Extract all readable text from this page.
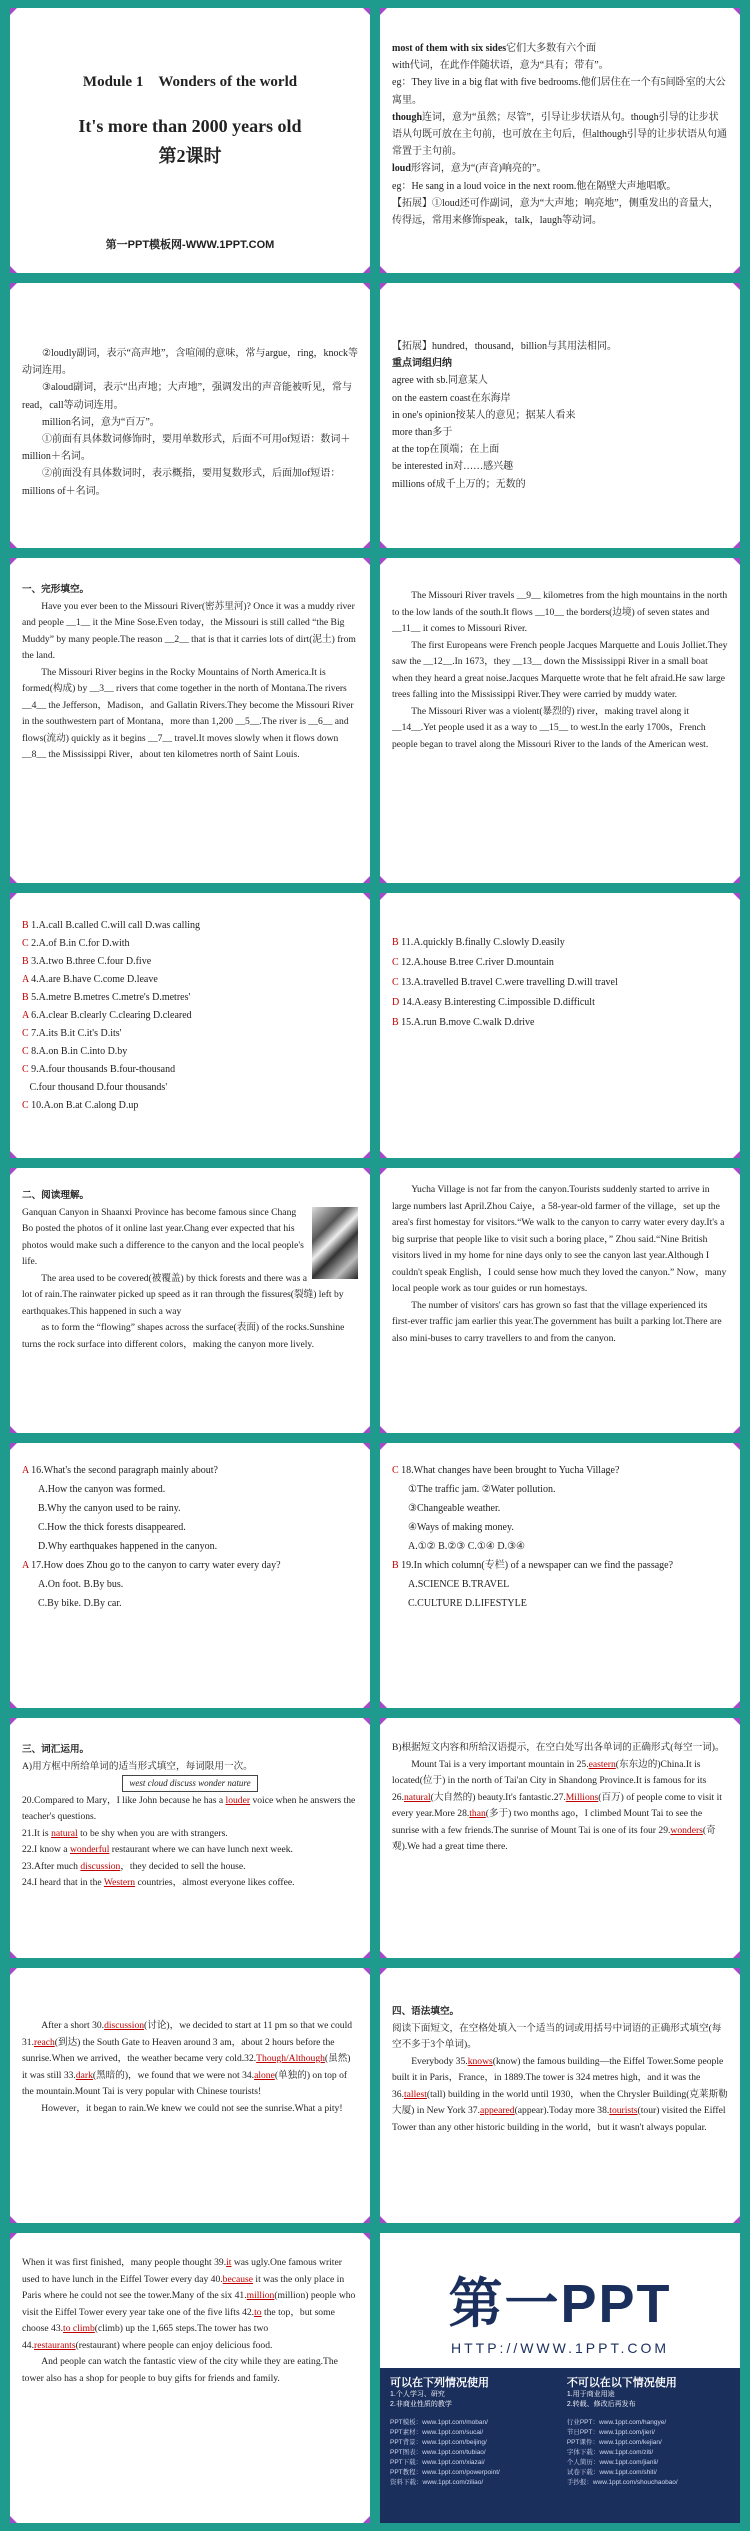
Module 1　Wonders of the world
It's more than 2000 years old
第2课时
第一PPT模板网-WWW.1PPT.COM

most of them with six sides它们大多数有六个面

with代词，在此作伴随状语，意为“具有；带有”。

eg：They live in a big flat with five bedrooms.他们居住在一个有5间卧室的大公寓里。

though连词，意为“虽然；尽管”，引导让步状语从句。though引导的让步状语从句既可放在主句前，也可放在主句后，但although引导的让步状语从句通常置于主句前。

loud形容词，意为“(声音)响亮的”。

eg：He sang in a loud voice in the next room.他在隔壁大声地唱歌。

【拓展】①loud还可作副词，意为“大声地；响亮地”，侧重发出的音量大，传得远，常用来修饰speak，talk，laugh等动词。

②loudly副词，表示“高声地”，含喧闹的意味，常与argue，ring，knock等动词连用。

③aloud副词，表示“出声地；大声地”，强调发出的声音能被听见，常与read，call等动词连用。

million名词，意为“百万”。

①前面有具体数词修饰时，要用单数形式，后面不可用of短语：数词＋million＋名词。

②前面没有具体数词时，表示概指，要用复数形式，后面加of短语：millions of＋名词。

【拓展】hundred，thousand，billion与其用法相同。

重点词组归纳

agree with sb.同意某人

on the eastern coast在东海岸

in one's opinion按某人的意见；据某人看来

more than多于

at the top在顶端；在上面

be interested in对……感兴趣

millions of成千上万的；无数的

一、完形填空。

Have you ever been to the Missouri River(密苏里河)? Once it was a muddy river and people __1__ it the Mine Sose.Even today，the Missouri is still called “the Big Muddy” by many people.The reason __2__ that is that it carries lots of dirt(泥土) from the land.

The Missouri River begins in the Rocky Mountains of North America.It is formed(构成) by __3__ rivers that come together in the north of Montana.The rivers __4__ the Jefferson，Madison，and Gallatin Rivers.They become the Missouri River in the southwestern part of Montana，more than 1,200 __5__.The river is __6__ and flows(流动) quickly as it begins __7__ travel.It moves slowly when it flows down __8__ the Mississippi River，about ten kilometres north of Saint Louis.

The Missouri River travels __9__ kilometres from the high mountains in the north to the low lands of the south.It flows __10__ the borders(边境) of seven states and __11__ it comes to Missouri River.

The first Europeans were French people Jacques Marquette and Louis Jolliet.They saw the __12__.In 1673，they __13__ down the Mississippi River in a small boat when they heard a great noise.Jacques Marquette wrote that he felt afraid.He saw large trees falling into the Mississippi River.They were carried by muddy water.

The Missouri River was a violent(暴烈的) river，making travel along it __14__.Yet people used it as a way to __15__ to west.In the early 1700s，French people began to travel along the Missouri River to the lands of the American west.

B 1.A.call B.called C.will call D.was calling

C 2.A.of B.in C.for D.with

B 3.A.two B.three C.four D.five

A 4.A.are B.have C.come D.leave

B 5.A.metre B.metres C.metre's D.metres'

A 6.A.clear B.clearly C.clearing D.cleared

C 7.A.its B.it C.it's D.its'

C 8.A.on B.in C.into D.by

C 9.A.four thousands B.four-thousand

C.four thousand D.four thousands'

C 10.A.on B.at C.along D.up

B 11.A.quickly B.finally C.slowly D.easily

C 12.A.house B.tree C.river D.mountain

C 13.A.travelled B.travel C.were travelling D.will travel

D 14.A.easy B.interesting C.impossible D.difficult

B 15.A.run B.move C.walk D.drive

二、阅读理解。

Ganquan Canyon in Shaanxi Province has become famous since Chang Bo posted the photos of it online last year.Chang ever expected that his photos would make such a difference to the canyon and the local people's life.

The area used to be covered(被覆盖) by thick forests and there was a lot of rain.The rainwater picked up speed as it ran through the fissures(裂缝) left by earthquakes.This happened in such a way

as to form the “flowing” shapes across the surface(表面) of the rocks.Sunshine turns the rock surface into different colors，making the canyon more lively.

Yucha Village is not far from the canyon.Tourists suddenly started to arrive in large numbers last April.Zhou Caiye，a 58-year-old farmer of the village，set up the area's first homestay for visitors.“We walk to the canyon to carry water every day.It's a big surprise that people like to visit such a boring place，” Zhou said.“Nine British visitors lived in my home for nine days only to see the canyon last year.Although I couldn't speak English，I could sense how much they loved the canyon.” Now，many local people work as tour guides or run homestays.

The number of visitors' cars has grown so fast that the village experienced its first-ever traffic jam earlier this year.The government has built a parking lot.There are also mini-buses to carry travellers to and from the canyon.

A 16.What's the second paragraph mainly about?

A.How the canyon was formed.

B.Why the canyon used to be rainy.

C.How the thick forests disappeared.

D.Why earthquakes happened in the canyon.

A 17.How does Zhou go to the canyon to carry water every day?

A.On foot. B.By bus.

C.By bike. D.By car.

C 18.What changes have been brought to Yucha Village?

①The traffic jam. ②Water pollution.

③Changeable weather.

④Ways of making money.

A.①② B.②③ C.①④ D.③④

B 19.In which column(专栏) of a newspaper can we find the passage?

A.SCIENCE B.TRAVEL

C.CULTURE D.LIFESTYLE

三、词汇运用。

A)用方框中所给单词的适当形式填空，每词限用一次。

west cloud discuss wonder nature

20.Compared to Mary，I like John because he has a louder voice when he answers the teacher's questions.

21.It is natural to be shy when you are with strangers.

22.I know a wonderful restaurant where we can have lunch next week.

23.After much discussion，they decided to sell the house.

24.I heard that in the Western countries，almost everyone likes coffee.

B)根据短文内容和所给汉语提示，在空白处写出各单词的正确形式(每空一词)。

Mount Tai is a very important mountain in 25.eastern(东东边的)China.It is located(位于) in the north of Tai'an City in Shandong Province.It is famous for its 26.natural(大自然的) beauty.It's fantastic.27.Millions(百万) of people come to visit it every year.More 28.than(多于) two months ago，I climbed Mount Tai to see the sunrise with a few friends.The sunrise of Mount Tai is one of its four 29.wonders(奇观).We had a great time there.

After a short 30.discussion(讨论)，we decided to start at 11 pm so that we could 31.reach(到达) the South Gate to Heaven around 3 am，about 2 hours before the sunrise.When we arrived，the weather became very cold.32.Though/Although(虽然) it was still 33.dark(黑暗的)，we found that we were not 34.alone(单独的) on top of the mountain.Mount Tai is very popular with Chinese tourists!

However，it began to rain.We knew we could not see the sunrise.What a pity!

四、语法填空。

阅读下面短文，在空格处填入一个适当的词或用括号中词语的正确形式填空(每空不多于3个单词)。

Everybody 35.knows(know) the famous building—the Eiffel Tower.Some people built it in Paris，France，in 1889.The tower is 324 metres high，and it was the 36.tallest(tall) building in the world until 1930，when the Chrysler Building(克莱斯勒大厦) in New York 37.appeared(appear).Today more 38.tourists(tour) visited the Eiffel Tower than any other historic building in the world，but it wasn't always popular.

When it was first finished，many people thought 39.it was ugly.One famous writer used to have lunch in the Eiffel Tower every day 40.because it was the only place in Paris where he could not see the tower.Many of the six 41.million(million) people who visit the Eiffel Tower every year take one of the five lifts 42.to the top，but some choose 43.to climb(climb) up the 1,665 steps.The tower has two 44.restaurants(restaurant) where people can enjoy delicious food.

And people can watch the fantastic view of the city while they are eating.The tower also has a shop for people to buy gifts for friends and family.

第一PPT
HTTP://WWW.1PPT.COM
可以在下列情况使用
1.个人学习、研究
2.非商业性质的教学
不可以在以下情况使用
1.用于商业用途
2.转载、修改后再发布
PPT模板：www.1ppt.com/moban/
PPT素材：www.1ppt.com/sucai/
PPT背景：www.1ppt.com/beijing/
PPT图表：www.1ppt.com/tubiao/
PPT下载：www.1ppt.com/xiazai/
PPT教程：www.1ppt.com/powerpoint/
资料下载：www.1ppt.com/ziliao/
行业PPT：www.1ppt.com/hangye/
节日PPT：www.1ppt.com/jieri/
PPT课件：www.1ppt.com/kejian/
字体下载：www.1ppt.com/ziti/
个人简历：www.1ppt.com/jianli/
试卷下载：www.1ppt.com/shiti/
手抄报：www.1ppt.com/shouchaobao/
